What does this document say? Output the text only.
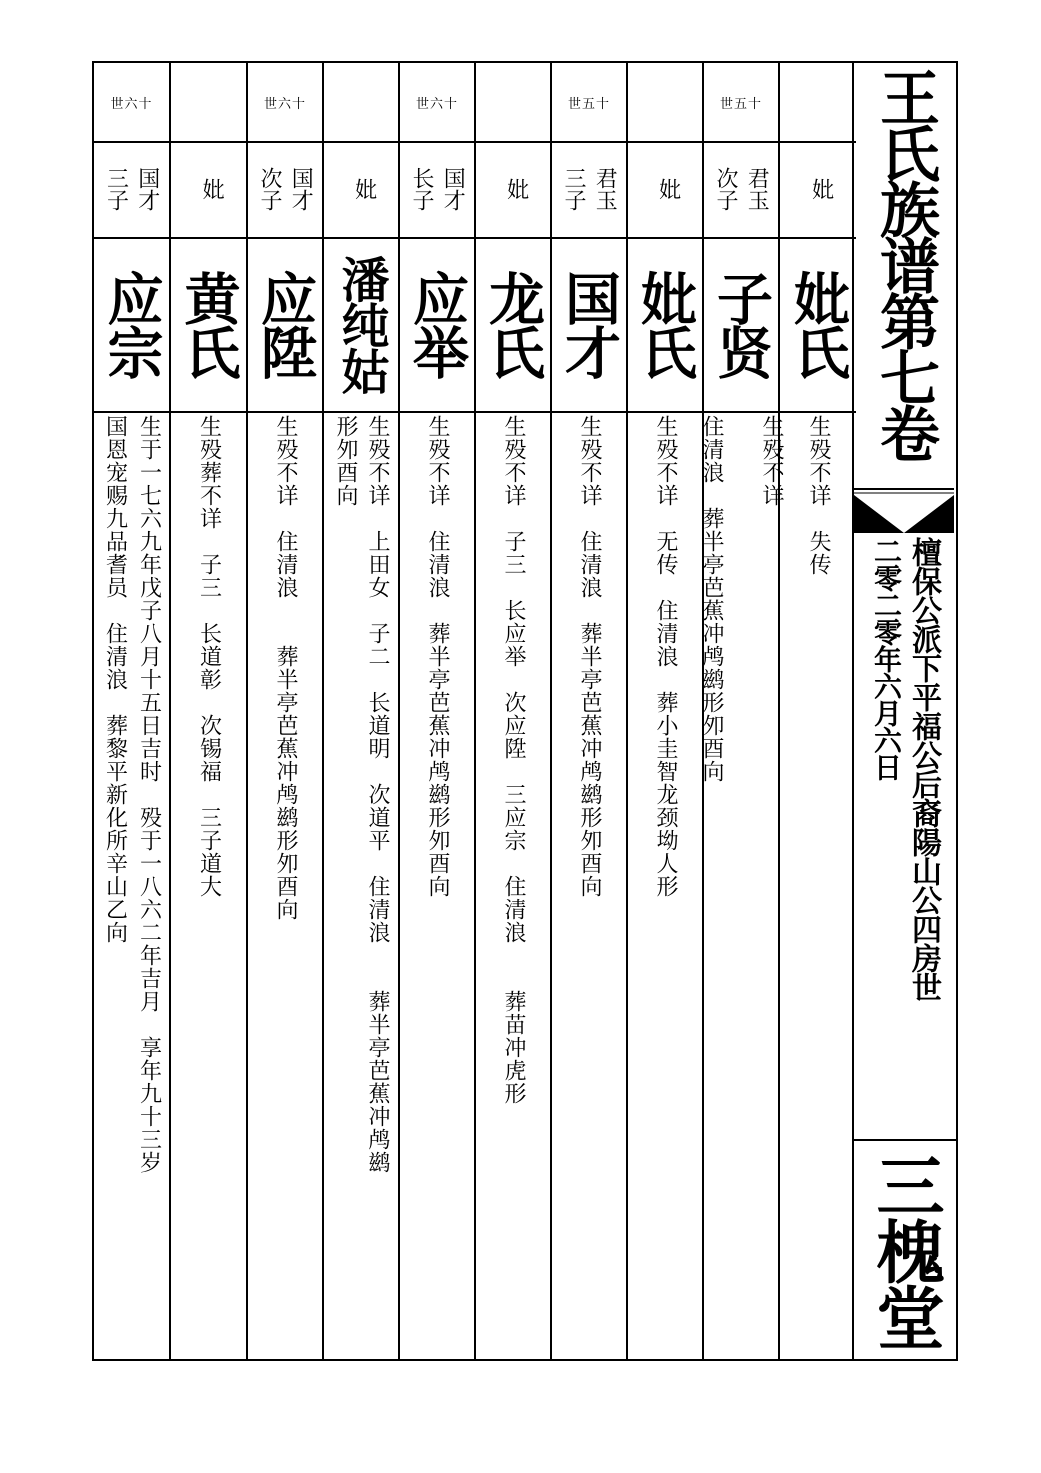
世六十
国才
三子
应宗
生于一七六九年戊子八月十五日吉时　殁于一八六二年吉月　享年九十三岁
国恩宠赐九品耆员　住清浪　葬黎平新化所辛山乙向
妣
黄氏
生殁葬不详　子三　长道彰　次锡福　三子道大
世六十
国才
次子
应陞
生殁不详　住清浪　　葬半亭芭蕉冲鸬鹚形夘酉向
妣
潘纯姑
生殁不详　上田女　子二　长道明　次道平　住清浪　　葬半亭芭蕉冲鸬鹚
形夘酉向
世六十
国才
长子
应举
生殁不详　住清浪　葬半亭芭蕉冲鸬鹚形夘酉向
妣
龙氏
生殁不详　子三　长应举　次应陞　三应宗　住清浪　　葬苗冲虎形
世五十
君玉
三子
国才
生殁不详　住清浪　葬半亭芭蕉冲鸬鹚形夘酉向
妣
妣氏
生殁不详　无传　住清浪　葬小圭智龙颈坳人形
世五十
君玉
次子
子贤
生殁不详

住清浪　葬半亭芭蕉冲鸬鹚形夘酉向
妣
妣氏
生殁不详　失传
王氏族谱第七卷
檀保公派下平福公后裔陽山公四房世
二零二零年六月六日
三槐堂
